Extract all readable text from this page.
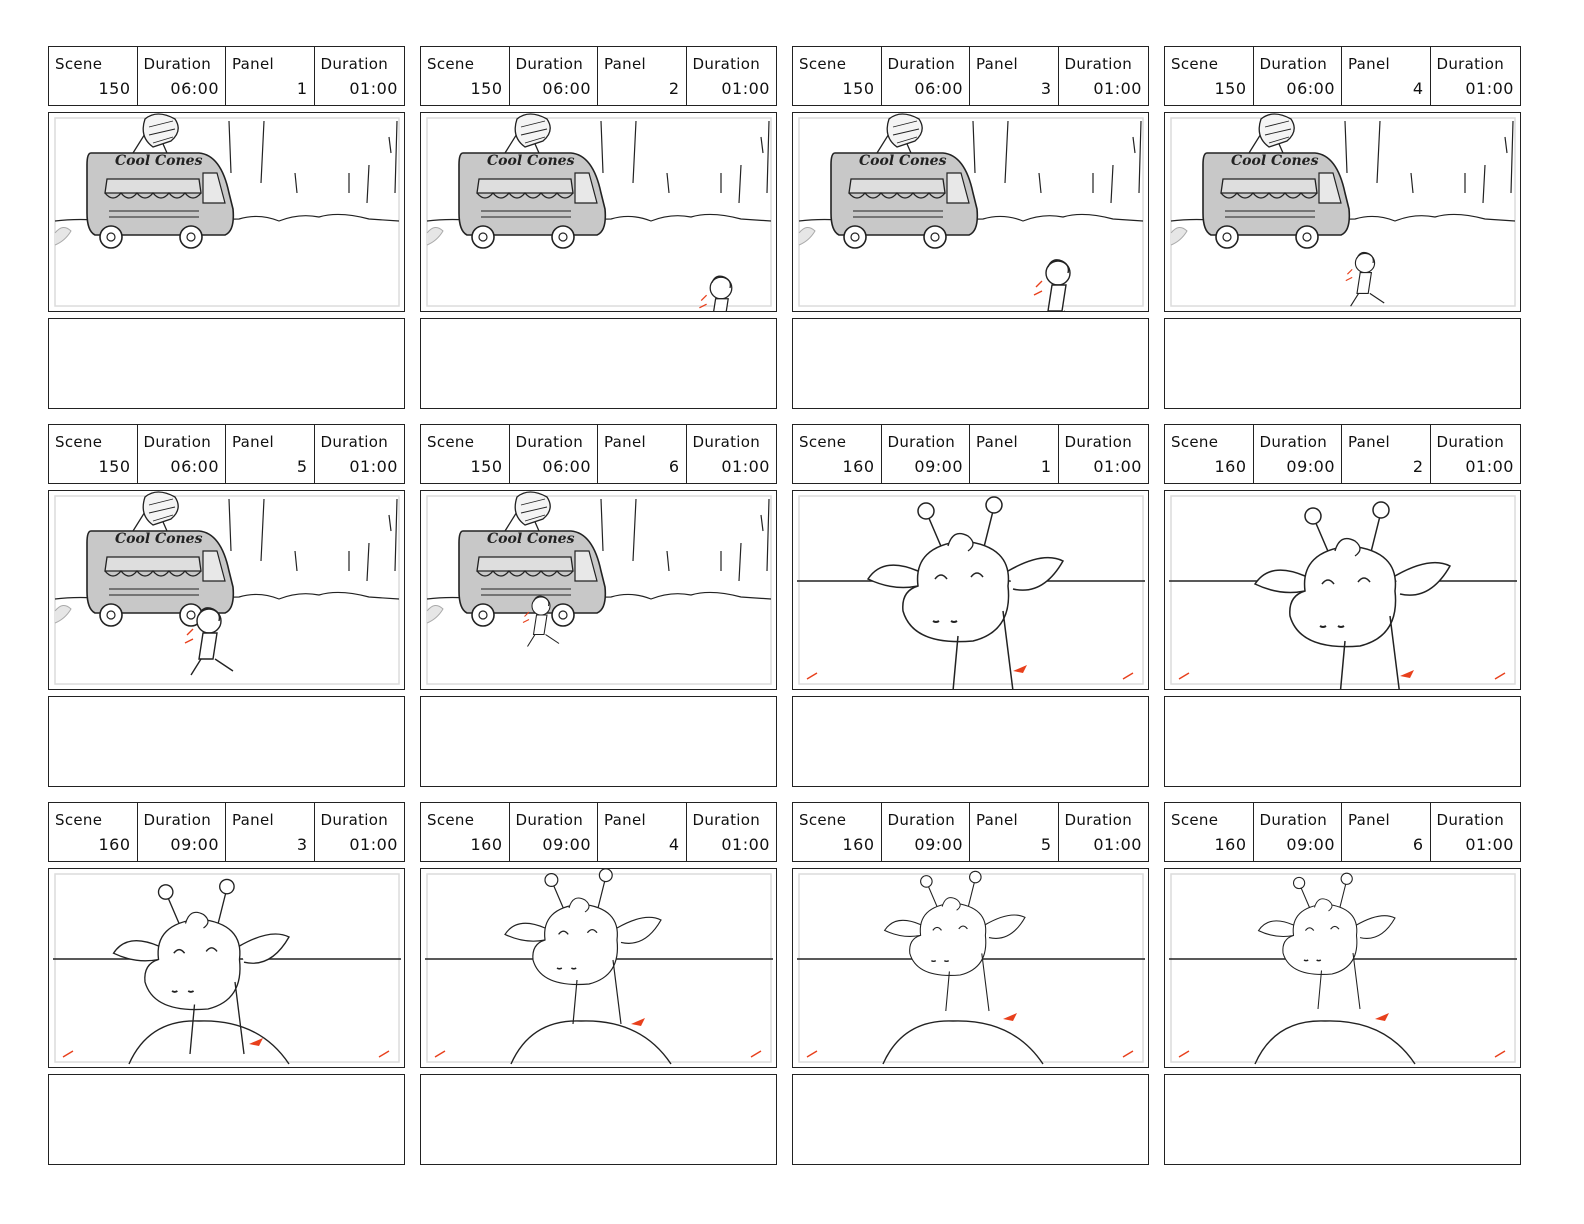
Scene
150
Duration
06:00
Panel
1
Duration
01:00
Cool Cones
Scene
150
Duration
06:00
Panel
2
Duration
01:00
Cool Cones
Scene
150
Duration
06:00
Panel
3
Duration
01:00
Cool Cones
Scene
150
Duration
06:00
Panel
4
Duration
01:00
Cool Cones
Scene
150
Duration
06:00
Panel
5
Duration
01:00
Cool Cones
Scene
150
Duration
06:00
Panel
6
Duration
01:00
Cool Cones
Scene
160
Duration
09:00
Panel
1
Duration
01:00
Scene
160
Duration
09:00
Panel
2
Duration
01:00
Scene
160
Duration
09:00
Panel
3
Duration
01:00
Scene
160
Duration
09:00
Panel
4
Duration
01:00
Scene
160
Duration
09:00
Panel
5
Duration
01:00
Scene
160
Duration
09:00
Panel
6
Duration
01:00
